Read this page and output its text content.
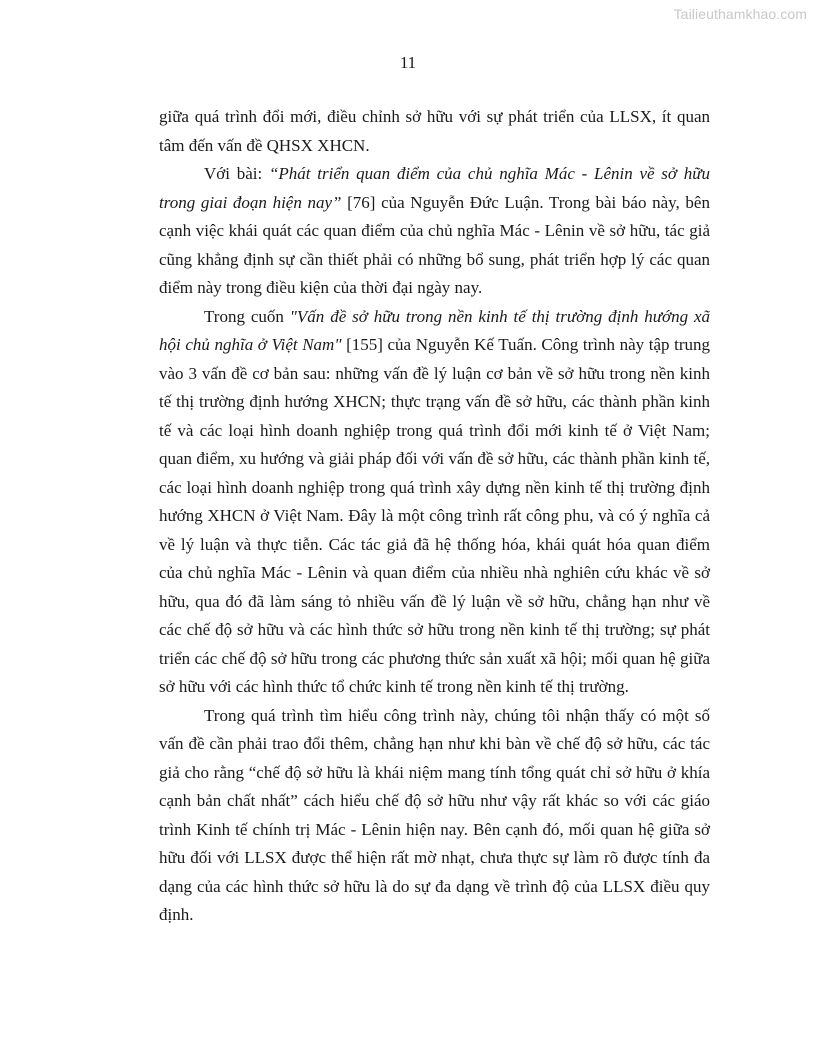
Tailieuthamkhao.com
11

giữa quá trình đổi mới, điều chỉnh sở hữu với sự phát triển của LLSX, ít quan tâm đến vấn đề QHSX XHCN.

Với bài: “Phát triển quan điểm của chủ nghĩa Mác - Lênin về sở hữu trong giai đoạn hiện nay” [76] của Nguyễn Đức Luận. Trong bài báo này, bên cạnh việc khái quát các quan điểm của chủ nghĩa Mác - Lênin về sở hữu, tác giả cũng khẳng định sự cần thiết phải có những bổ sung, phát triển hợp lý các quan điểm này trong điều kiện của thời đại ngày nay.

Trong cuốn "Vấn đề sở hữu trong nền kinh tế thị trường định hướng xã hội chủ nghĩa ở Việt Nam" [155] của Nguyễn Kế Tuấn. Công trình này tập trung vào 3 vấn đề cơ bản sau: những vấn đề lý luận cơ bản về sở hữu trong nền kinh tế thị trường định hướng XHCN; thực trạng vấn đề sở hữu, các thành phần kinh tế và các loại hình doanh nghiệp trong quá trình đổi mới kinh tế ở Việt Nam; quan điểm, xu hướng và giải pháp đối với vấn đề sở hữu, các thành phần kinh tế, các loại hình doanh nghiệp trong quá trình xây dựng nền kinh tế thị trường định hướng XHCN ở Việt Nam. Đây là một công trình rất công phu, và có ý nghĩa cả về lý luận và thực tiễn. Các tác giả đã hệ thống hóa, khái quát hóa quan điểm của chủ nghĩa Mác - Lênin và quan điểm của nhiều nhà nghiên cứu khác về sở hữu, qua đó đã làm sáng tỏ nhiều vấn đề lý luận về sở hữu, chẳng hạn như về các chế độ sở hữu và các hình thức sở hữu trong nền kinh tế thị trường; sự phát triển các chế độ sở hữu trong các phương thức sản xuất xã hội; mối quan hệ giữa sở hữu với các hình thức tổ chức kinh tế trong nền kinh tế thị trường.

Trong quá trình tìm hiểu công trình này, chúng tôi nhận thấy có một số vấn đề cần phải trao đổi thêm, chẳng hạn như khi bàn về chế độ sở hữu, các tác giả cho rằng “chế độ sở hữu là khái niệm mang tính tổng quát chỉ sở hữu ở khía cạnh bản chất nhất” cách hiểu chế độ sở hữu như vậy rất khác so với các giáo trình Kinh tế chính trị Mác - Lênin hiện nay. Bên cạnh đó, mối quan hệ giữa sở hữu đối với LLSX được thể hiện rất mờ nhạt, chưa thực sự làm rõ được tính đa dạng của các hình thức sở hữu là do sự đa dạng về trình độ của LLSX điều quy định.
